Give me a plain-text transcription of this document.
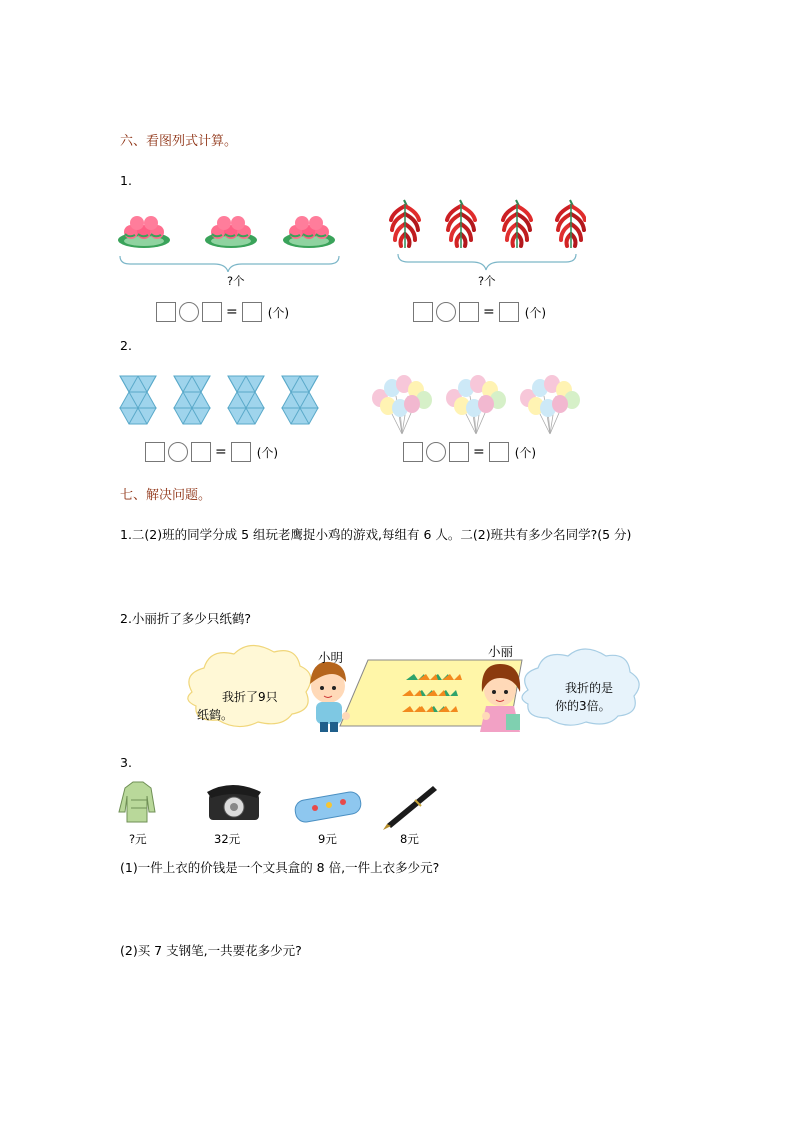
六、看图列式计算。
1.
?个	?个
=	(个)	=	(个)
2.
=	(个)	=	(个)
七、解决问题。
1.二(2)班的同学分成 5 组玩老鹰捉小鸡的游戏,每组有 6 人。二(2)班共有多少名同学?(5 分)
2.小丽折了多少只纸鹤?
小明	小丽
我折了9只
纸鹤。
我折的是
你的3倍。
3.
?元	32元	9元	8元
(1)一件上衣的价钱是一个文具盒的 8 倍,一件上衣多少元?
(2)买 7 支钢笔,一共要花多少元?
